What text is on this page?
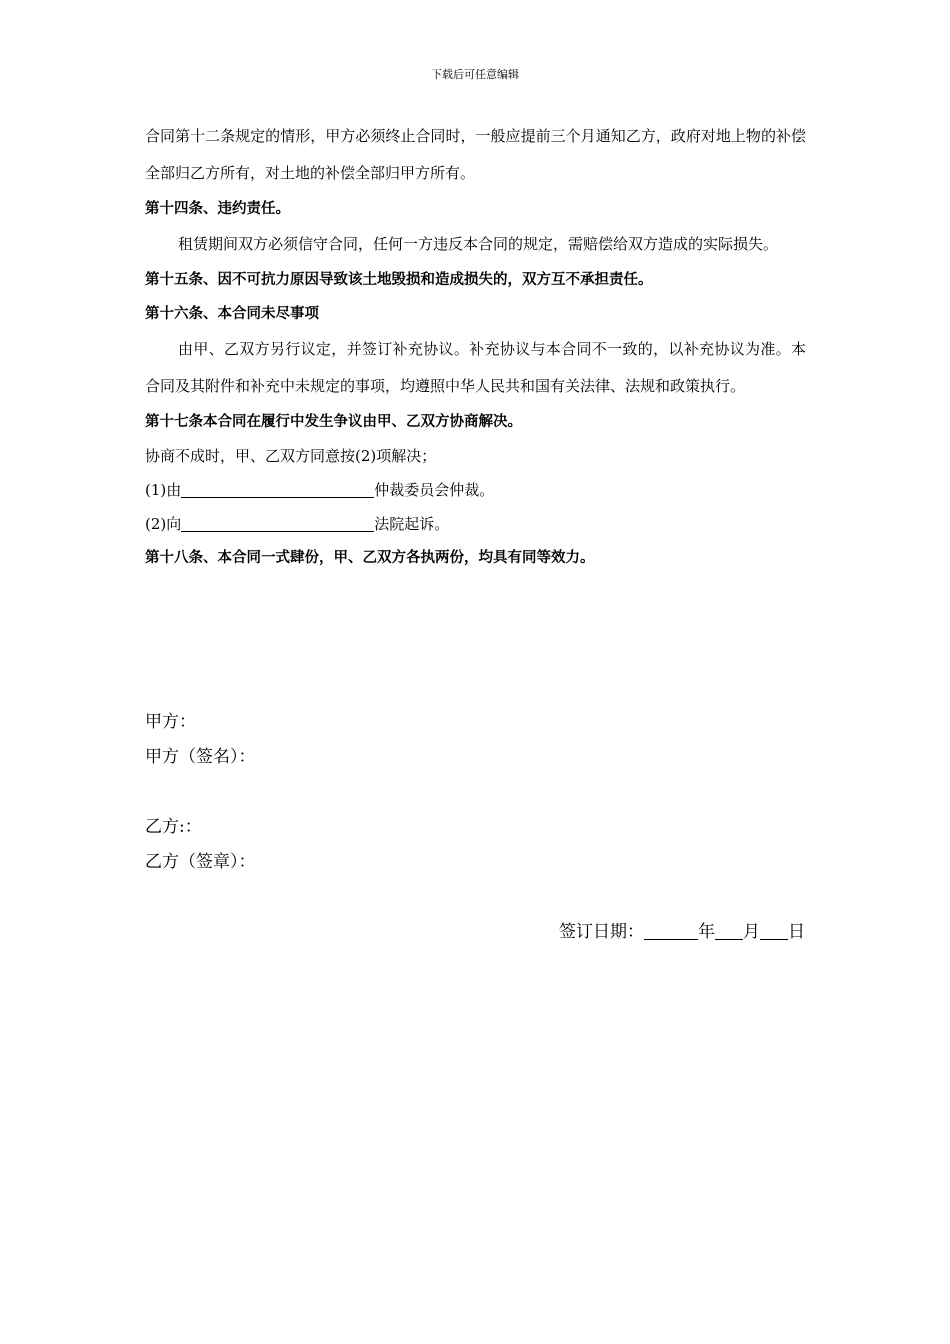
下载后可任意编辑

合同第十二条规定的情形，甲方必须终止合同时，一般应提前三个月通知乙方，政府对地上物的补偿全部归乙方所有，对土地的补偿全部归甲方所有。

第十四条、违约责任。

租赁期间双方必须信守合同，任何一方违反本合同的规定，需赔偿给双方造成的实际损失。

第十五条、因不可抗力原因导致该土地毁损和造成损失的，双方互不承担责任。

第十六条、本合同未尽事项

由甲、乙双方另行议定，并签订补充协议。补充协议与本合同不一致的，以补充协议为准。本合同及其附件和补充中未规定的事项，均遵照中华人民共和国有关法律、法规和政策执行。

第十七条本合同在履行中发生争议由甲、乙双方协商解决。

协商不成时，甲、乙双方同意按(2)项解决；

(1)由	仲裁委员会仲裁。

(2)向	法院起诉。

第十八条、本合同一式肆份，甲、乙双方各执两份，均具有同等效力。

甲方：
甲方（签名）：
乙方:：
乙方（签章）：
签订日期：	年 月 日
